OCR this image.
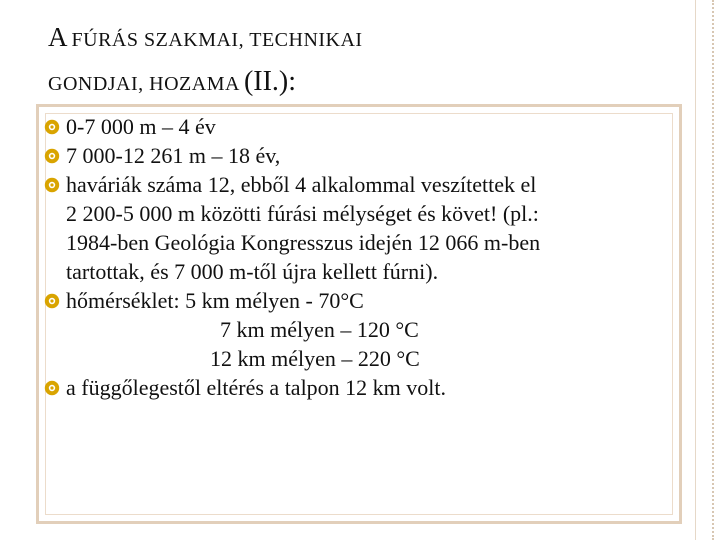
A FÚRÁS SZAKMAI, TECHNIKAI
GONDJAI, HOZAMA (II.):
0-7 000 m – 4 év
7 000-12 261 m – 18 év,
haváriák száma 12, ebből 4 alkalommal veszítettek el
2 200-5 000 m közötti fúrási mélységet és követ! (pl.:
1984-ben Geológia Kongresszus idején 12 066 m-ben
tartottak, és 7 000 m-től újra kellett fúrni).
hőmérséklet: 5 km mélyen - 70°C
7 km mélyen – 120 °C
12 km mélyen – 220 °C
a függőlegestől eltérés a talpon 12 km volt.
